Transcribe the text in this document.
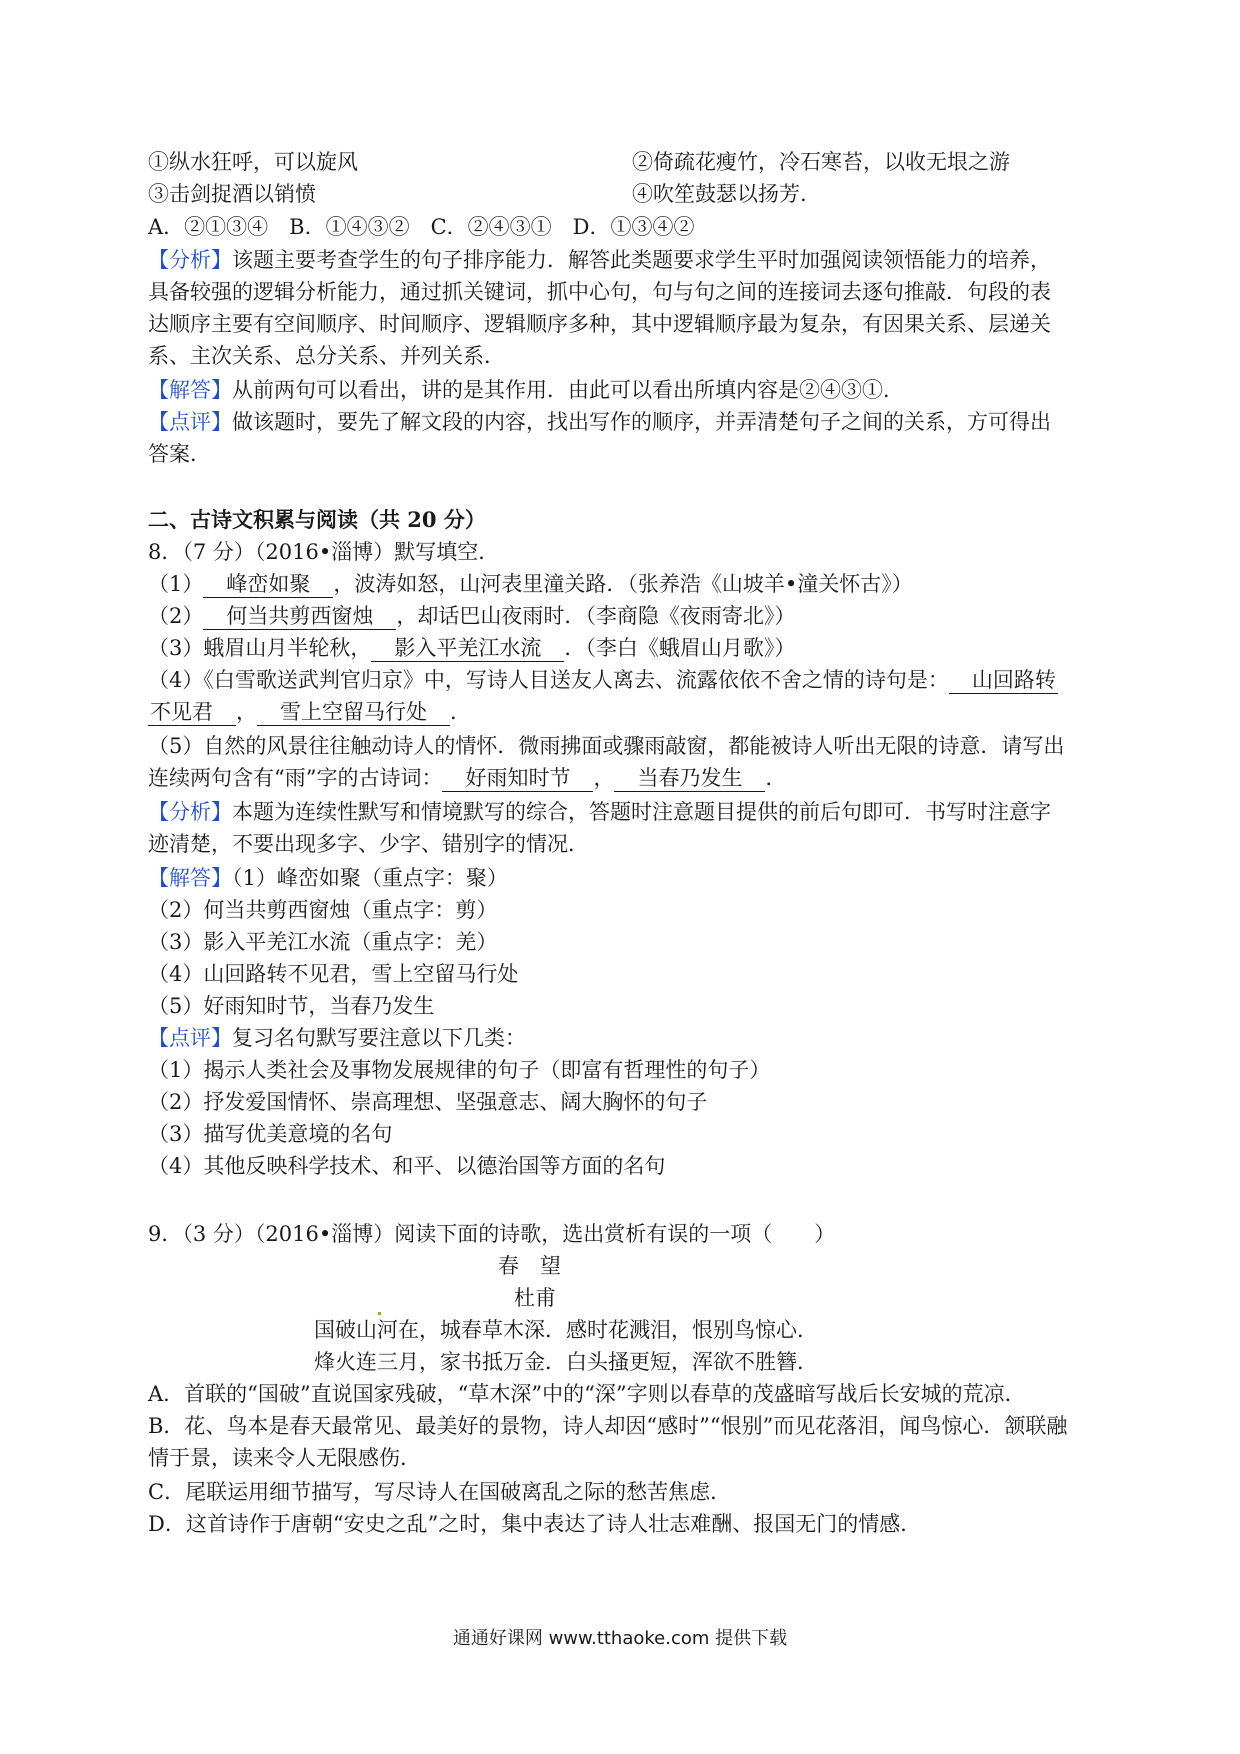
①纵水狂呼，可以旋风	②倚疏花瘦竹，冷石寒苔，以收无垠之游
③击剑捉酒以销愤	④吹笙鼓瑟以扬芳.
A．②①③④　B．①④③②　C．②④③①　D．①③④②
【分析】该题主要考查学生的句子排序能力．解答此类题要求学生平时加强阅读领悟能力的培养，
具备较强的逻辑分析能力，通过抓关键词，抓中心句，句与句之间的连接词去逐句推敲．句段的表
达顺序主要有空间顺序、时间顺序、逻辑顺序多种，其中逻辑顺序最为复杂，有因果关系、层递关
系、主次关系、总分关系、并列关系．
【解答】从前两句可以看出，讲的是其作用．由此可以看出所填内容是②④③①．
【点评】做该题时，要先了解文段的内容，找出写作的顺序，并弄清楚句子之间的关系，方可得出
答案．
二、古诗文积累与阅读（共 20 分）
8．（7 分）（2016•淄博）默写填空．
（1）　峰峦如聚　，波涛如怒，山河表里潼关路．（张养浩《山坡羊•潼关怀古》）
（2）　何当共剪西窗烛　，却话巴山夜雨时．（李商隐《夜雨寄北》）
（3）蛾眉山月半轮秋，　影入平羌江水流　．（李白《蛾眉山月歌》）
（4）《白雪歌送武判官归京》中，写诗人目送友人离去、流露依依不舍之情的诗句是：　山回路转
不见君　，　雪上空留马行处　．
（5）自然的风景往往触动诗人的情怀．微雨拂面或骤雨敲窗，都能被诗人听出无限的诗意．请写出
连续两句含有“雨”字的古诗词：　好雨知时节　，　当春乃发生　．
【分析】本题为连续性默写和情境默写的综合，答题时注意题目提供的前后句即可．书写时注意字
迹清楚，不要出现多字、少字、错别字的情况．
【解答】（1）峰峦如聚（重点字：聚）
（2）何当共剪西窗烛（重点字：剪）
（3）影入平羌江水流（重点字：羌）
（4）山回路转不见君，雪上空留马行处
（5）好雨知时节，当春乃发生
【点评】复习名句默写要注意以下几类：
（1）揭示人类社会及事物发展规律的句子（即富有哲理性的句子）
（2）抒发爱国情怀、崇高理想、坚强意志、阔大胸怀的句子
（3）描写优美意境的名句
（4）其他反映科学技术、和平、以德治国等方面的名句
9．（3 分）（2016•淄博）阅读下面的诗歌，选出赏析有误的一项（　　）
春　望
杜甫
国破山河在，城春草木深．感时花溅泪，恨别鸟惊心．
烽火连三月，家书抵万金．白头搔更短，浑欲不胜簪．
A．首联的“国破”直说国家残破，“草木深”中的“深”字则以春草的茂盛暗写战后长安城的荒凉．
B．花、鸟本是春天最常见、最美好的景物，诗人却因“感时”“恨别”而见花落泪，闻鸟惊心．颔联融
情于景，读来令人无限感伤．
C．尾联运用细节描写，写尽诗人在国破离乱之际的愁苦焦虑．
D．这首诗作于唐朝“安史之乱”之时，集中表达了诗人壮志难酬、报国无门的情感．
通通好课网 www.tthaoke.com 提供下载
